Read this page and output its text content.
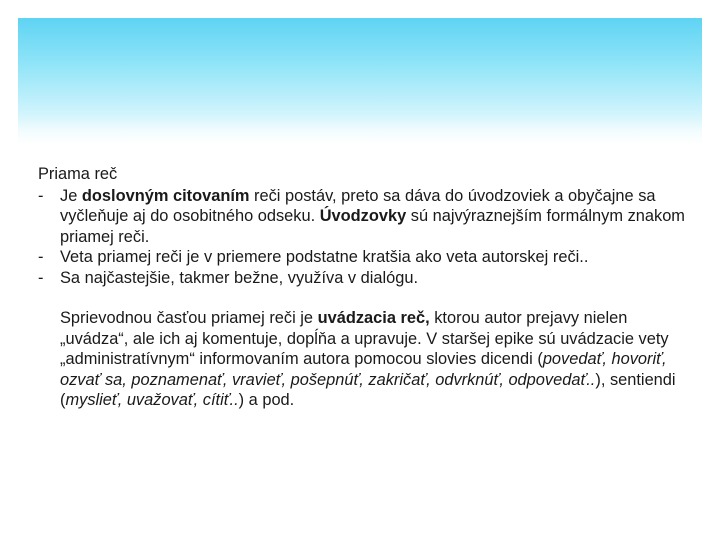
Priama reč
- Je doslovným citovaním reči postáv, preto sa dáva do úvodzoviek a obyčajne sa vyčleňuje aj do osobitného odseku. Úvodzovky sú najvýraznejším formálnym znakom priamej reči.
- Veta priamej reči je v priemere podstatne kratšia ako veta autorskej reči..
- Sa najčastejšie, takmer bežne, využíva v dialógu.

Sprievodnou časťou priamej reči je uvádzacia reč, ktorou autor prejavy nielen „uvádza“, ale ich aj komentuje, dopĺňa a upravuje. V staršej epike sú uvádzacie vety „administratívnym“ informovaním autora pomocou slovies dicendi (povedať, hovoriť, ozvať sa, poznamenať, vravieť, pošepnúť, zakričať, odvrknúť, odpovedať..), sentiendi (myslieť, uvažovať, cítiť..) a pod.
